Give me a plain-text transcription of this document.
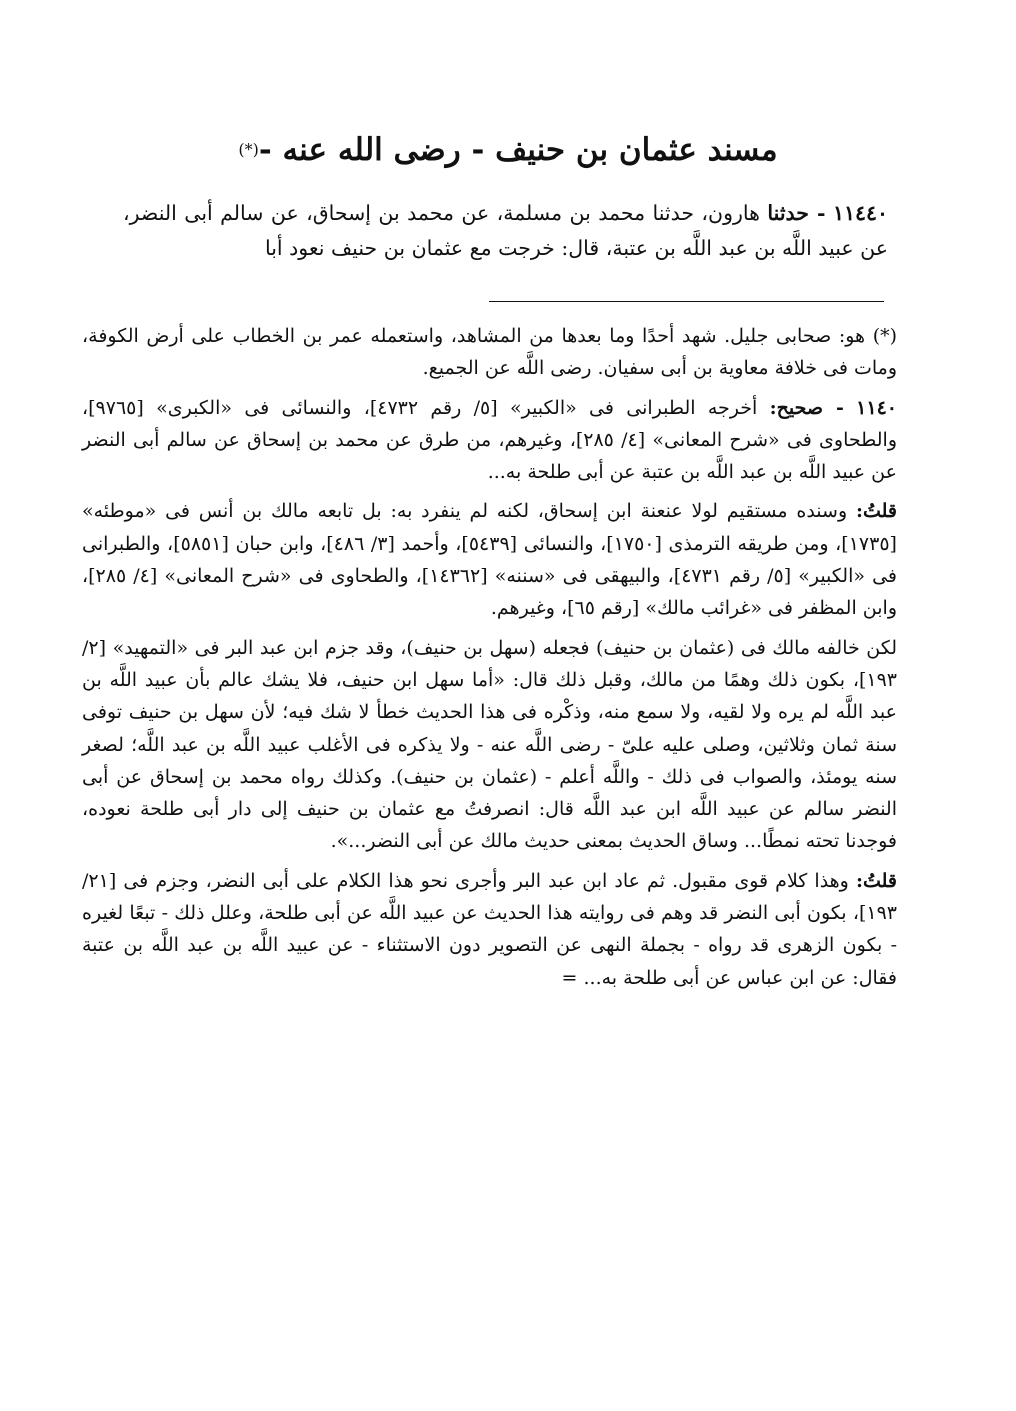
مسند عثمان بن حنيف - رضى الله عنه -(*)
١١٤٤٠ - حدثنا هارون، حدثنا محمد بن مسلمة، عن محمد بن إسحاق، عن سالم أبى النضر، عن عبيد اللَّه بن عبد اللَّه بن عتبة، قال: خرجت مع عثمان بن حنيف نعود أبا
(*) هو: صحابى جليل. شهد أحدًا وما بعدها من المشاهد، واستعمله عمر بن الخطاب على أرض الكوفة، ومات فى خلافة معاوية بن أبى سفيان. رضى اللَّه عن الجميع.
١١٤٠ - صحيح: أخرجه الطبرانى فى «الكبير» [٥/ رقم ٤٧٣٢]، والنسائى فى «الكبرى» [٩٧٦٥]، والطحاوى فى «شرح المعانى» [٤/ ٢٨٥]، وغيرهم، من طرق عن محمد بن إسحاق عن سالم أبى النضر عن عبيد اللَّه بن عبد اللَّه بن عتبة عن أبى طلحة به...
قلتُ: وسنده مستقيم لولا عنعنة ابن إسحاق، لكنه لم ينفرد به: بل تابعه مالك بن أنس فى «موطئه» [١٧٣٥]، ومن طريقه الترمذى [١٧٥٠]، والنسائى [٥٤٣٩]، وأحمد [٣/ ٤٨٦]، وابن حبان [٥٨٥١]، والطبرانى فى «الكبير» [٥/ رقم ٤٧٣١]، والبيهقى فى «سننه» [١٤٣٦٢]، والطحاوى فى «شرح المعانى» [٤/ ٢٨٥]، وابن المظفر فى «غرائب مالك» [رقم ٦٥]، وغيرهم.
لكن خالفه مالك فى (عثمان بن حنيف) فجعله (سهل بن حنيف)، وقد جزم ابن عبد البر فى «التمهيد» [٢/ ١٩٣]، بكون ذلك وهمًا من مالك، وقبل ذلك قال: «أما سهل ابن حنيف، فلا يشك عالم بأن عبيد اللَّه بن عبد اللَّه لم يره ولا لقيه، ولا سمع منه، وذكْره فى هذا الحديث خطأ لا شك فيه؛ لأن سهل بن حنيف توفى سنة ثمان وثلاثين، وصلى عليه علىّ - رضى اللَّه عنه - ولا يذكره فى الأغلب عبيد اللَّه بن عبد اللَّه؛ لصغر سنه يومئذ، والصواب فى ذلك - واللَّه أعلم - (عثمان بن حنيف). وكذلك رواه محمد بن إسحاق عن أبى النضر سالم عن عبيد اللَّه ابن عبد اللَّه قال: انصرفتُ مع عثمان بن حنيف إلى دار أبى طلحة نعوده، فوجدنا تحته نمطًا... وساق الحديث بمعنى حديث مالك عن أبى النضر...».
قلتُ: وهذا كلام قوى مقبول. ثم عاد ابن عبد البر وأجرى نحو هذا الكلام على أبى النضر، وجزم فى [٢١/ ١٩٣]، بكون أبى النضر قد وهم فى روايته هذا الحديث عن عبيد اللَّه عن أبى طلحة، وعلل ذلك - تبعًا لغيره - بكون الزهرى قد رواه - بجملة النهى عن التصوير دون الاستثناء - عن عبيد اللَّه بن عبد اللَّه بن عتبة فقال: عن ابن عباس عن أبى طلحة به... =
